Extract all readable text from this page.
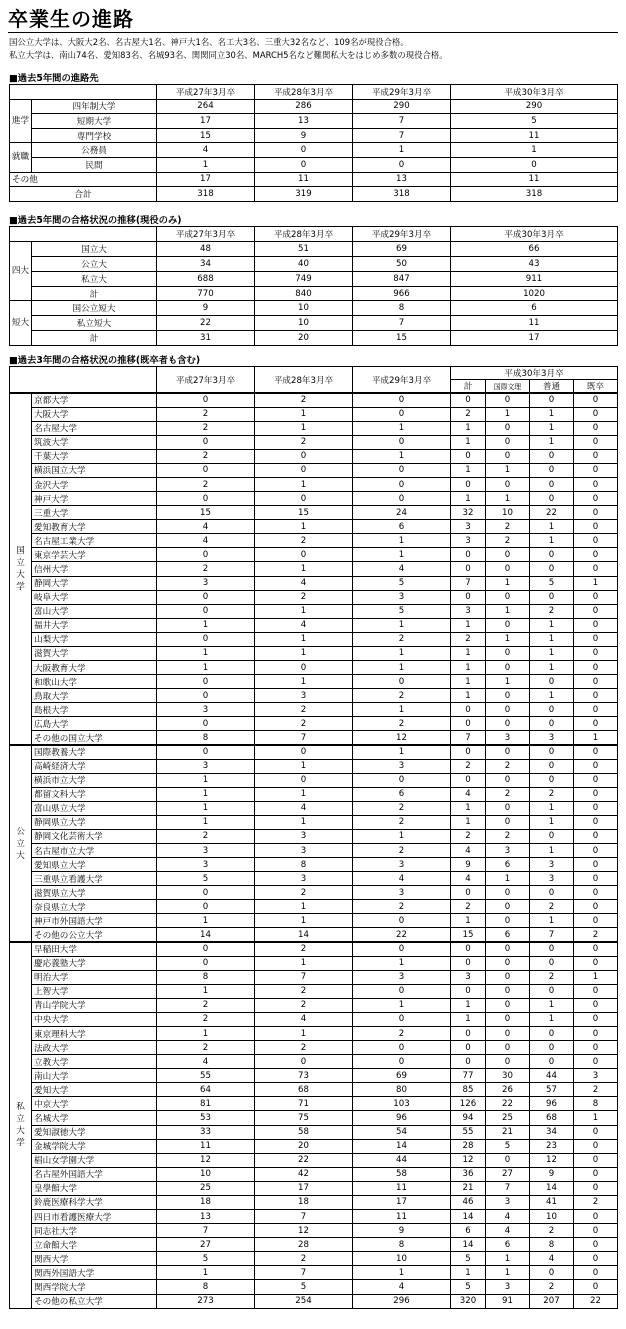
卒業生の進路
国公立大学は、大阪大2名、名古屋大1名、神戸大1名、名工大3名、三重大32名など、109名が現役合格。
私立大学は、南山74名、愛知83名、名城93名、関関同立30名、MARCH5名など難関私大をはじめ多数の現役合格。
■過去5年間の進路先
		平成27年3月卒	平成28年3月卒	平成29年3月卒	平成30年3月卒

進学	四年制大学	264	286	290	290
	短期大学	17	13	7	5
	専門学校	15	9	7	11

就職	公務員	4	0	1	1
	民間	1	0	0	0
その他		17	11	13	11
合計		318	319	318	318
■過去5年間の合格状況の推移(現役のみ)
		平成27年3月卒	平成28年3月卒	平成29年3月卒	平成30年3月卒

四大	国立大	48	51	69	66
	公立大	34	40	50	43
	私立大	688	749	847	911
	計	770	840	966	1020

短大	国公立短大	9	10	8	6
	私立短大	22	10	7	11
	計	31	20	15	17
■過去3年間の合格状況の推移(既卒者も含む)
		平成27年3月卒	平成28年3月卒	平成29年3月卒	平成30年3月卒			
					計	国際文理	普通	既卒

国立大学	京都大学	0	2	0	0	0	0	0
	大阪大学	2	1	0	2	1	1	0
	名古屋大学	2	1	1	1	0	1	0
	筑波大学	0	2	0	1	0	1	0
	千葉大学	2	0	1	0	0	0	0
	横浜国立大学	0	0	0	1	1	0	0
	金沢大学	2	1	0	0	0	0	0
	神戸大学	0	0	0	1	1	0	0
	三重大学	15	15	24	32	10	22	0
	愛知教育大学	4	1	6	3	2	1	0
	名古屋工業大学	4	2	1	3	2	1	0
	東京学芸大学	0	0	1	0	0	0	0
	信州大学	2	1	4	0	0	0	0
	静岡大学	3	4	5	7	1	5	1
	岐阜大学	0	2	3	0	0	0	0
	富山大学	0	1	5	3	1	2	0
	福井大学	1	4	1	1	0	1	0
	山梨大学	0	1	2	2	1	1	0
	滋賀大学	1	1	1	1	0	1	0
	大阪教育大学	1	0	1	1	0	1	0
	和歌山大学	0	1	0	1	1	0	0
	鳥取大学	0	3	2	1	0	1	0
	島根大学	3	2	1	0	0	0	0
	広島大学	0	2	2	0	0	0	0
	その他の国立大学	8	7	12	7	3	3	1

公立大	国際教養大学	0	0	1	0	0	0	0
	高崎経済大学	3	1	3	2	2	0	0
	横浜市立大学	1	0	0	0	0	0	0
	都留文科大学	1	1	6	4	2	2	0
	富山県立大学	1	4	2	1	0	1	0
	静岡県立大学	1	1	2	1	0	1	0
	静岡文化芸術大学	2	3	1	2	2	0	0
	名古屋市立大学	3	3	2	4	3	1	0
	愛知県立大学	3	8	3	9	6	3	0
	三重県立看護大学	5	3	4	4	1	3	0
	滋賀県立大学	0	2	3	0	0	0	0
	奈良県立大学	0	1	2	2	0	2	0
	神戸市外国語大学	1	1	0	1	0	1	0
	その他の公立大学	14	14	22	15	6	7	2

私立大学	早稲田大学	0	2	0	0	0	0	0
	慶応義塾大学	0	1	1	0	0	0	0
	明治大学	8	7	3	3	0	2	1
	上智大学	1	2	0	0	0	0	0
	青山学院大学	2	2	1	1	0	1	0
	中央大学	2	4	0	1	0	1	0
	東京理科大学	1	1	2	0	0	0	0
	法政大学	2	2	0	0	0	0	0
	立教大学	4	0	0	0	0	0	0
	南山大学	55	73	69	77	30	44	3
	愛知大学	64	68	80	85	26	57	2
	中京大学	81	71	103	126	22	96	8
	名城大学	53	75	96	94	25	68	1
	愛知淑徳大学	33	58	54	55	21	34	0
	金城学院大学	11	20	14	28	5	23	0
	椙山女学園大学	12	22	44	12	0	12	0
	名古屋外国語大学	10	42	58	36	27	9	0
	皇學館大学	25	17	11	21	7	14	0
	鈴鹿医療科学大学	18	18	17	46	3	41	2
	四日市看護医療大学	13	7	11	14	4	10	0
	同志社大学	7	12	9	6	4	2	0
	立命館大学	27	28	8	14	6	8	0
	関西大学	5	2	10	5	1	4	0
	関西外国語大学	1	7	1	1	1	0	0
	関西学院大学	8	5	4	5	3	2	0
	その他の私立大学	273	254	296	320	91	207	22
